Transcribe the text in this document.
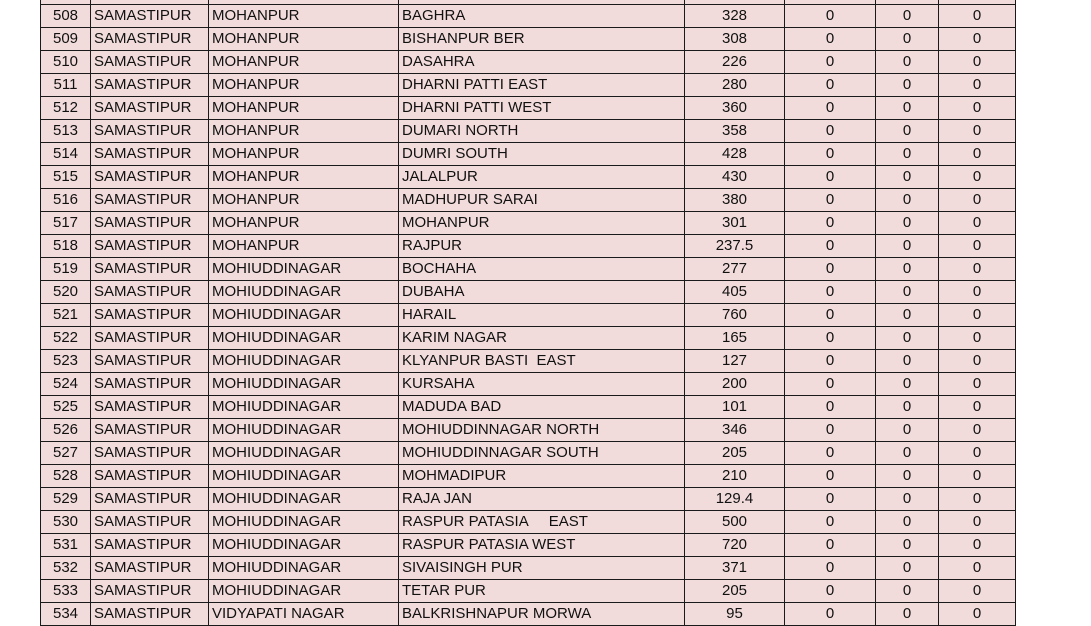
508	SAMASTIPUR	MOHANPUR	BAGHRA	328	0	0	0
509	SAMASTIPUR	MOHANPUR	BISHANPUR BER	308	0	0	0
510	SAMASTIPUR	MOHANPUR	DASAHRA	226	0	0	0
511	SAMASTIPUR	MOHANPUR	DHARNI PATTI EAST	280	0	0	0
512	SAMASTIPUR	MOHANPUR	DHARNI PATTI WEST	360	0	0	0
513	SAMASTIPUR	MOHANPUR	DUMARI NORTH	358	0	0	0
514	SAMASTIPUR	MOHANPUR	DUMRI SOUTH	428	0	0	0
515	SAMASTIPUR	MOHANPUR	JALALPUR	430	0	0	0
516	SAMASTIPUR	MOHANPUR	MADHUPUR SARAI	380	0	0	0
517	SAMASTIPUR	MOHANPUR	MOHANPUR	301	0	0	0
518	SAMASTIPUR	MOHANPUR	RAJPUR	237.5	0	0	0
519	SAMASTIPUR	MOHIUDDINAGAR	BOCHAHA	277	0	0	0
520	SAMASTIPUR	MOHIUDDINAGAR	DUBAHA	405	0	0	0
521	SAMASTIPUR	MOHIUDDINAGAR	HARAIL	760	0	0	0
522	SAMASTIPUR	MOHIUDDINAGAR	KARIM NAGAR	165	0	0	0
523	SAMASTIPUR	MOHIUDDINAGAR	KLYANPUR BASTI  EAST	127	0	0	0
524	SAMASTIPUR	MOHIUDDINAGAR	KURSAHA	200	0	0	0
525	SAMASTIPUR	MOHIUDDINAGAR	MADUDA BAD	101	0	0	0
526	SAMASTIPUR	MOHIUDDINAGAR	MOHIUDDINNAGAR NORTH	346	0	0	0
527	SAMASTIPUR	MOHIUDDINAGAR	MOHIUDDINNAGAR SOUTH	205	0	0	0
528	SAMASTIPUR	MOHIUDDINAGAR	MOHMADIPUR	210	0	0	0
529	SAMASTIPUR	MOHIUDDINAGAR	RAJA JAN	129.4	0	0	0
530	SAMASTIPUR	MOHIUDDINAGAR	RASPUR PATASIA     EAST	500	0	0	0
531	SAMASTIPUR	MOHIUDDINAGAR	RASPUR PATASIA WEST	720	0	0	0
532	SAMASTIPUR	MOHIUDDINAGAR	SIVAISINGH PUR	371	0	0	0
533	SAMASTIPUR	MOHIUDDINAGAR	TETAR PUR	205	0	0	0
534	SAMASTIPUR	VIDYAPATI NAGAR	BALKRISHNAPUR MORWA	95	0	0	0
